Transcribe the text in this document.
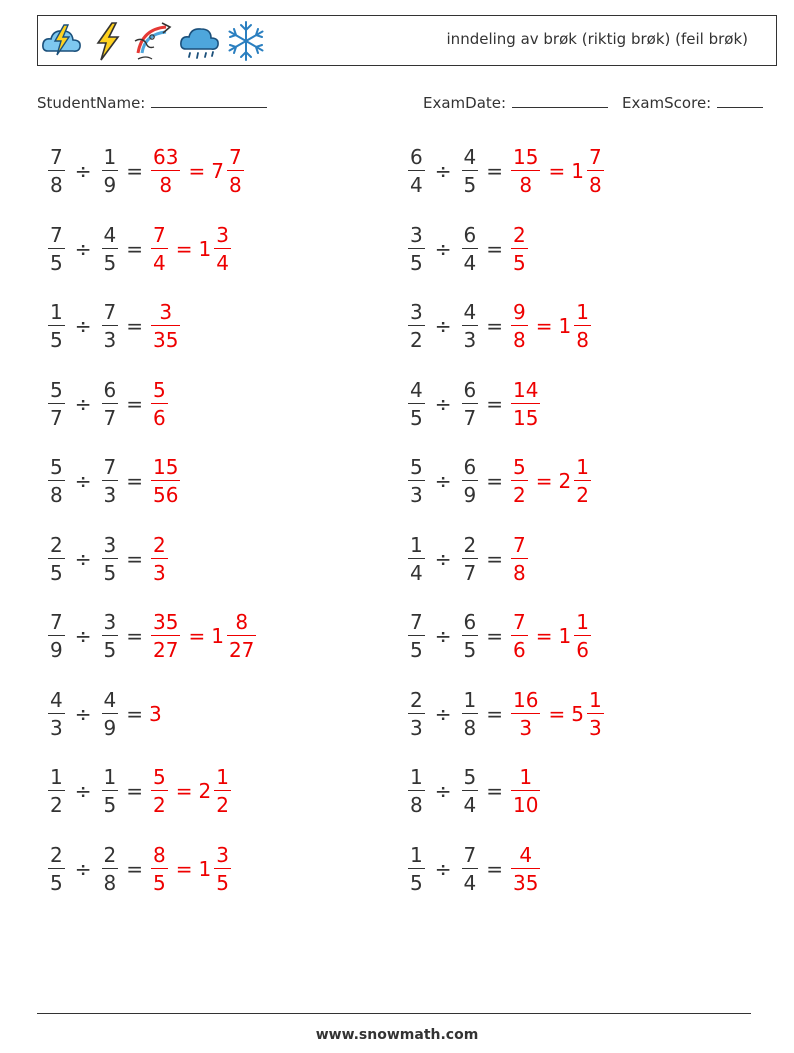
inndeling av brøk (riktig brøk) (feil brøk)
StudentName:	ExamDate:	ExamScore:
$\frac{7}{8} \div \frac{1}{9} = \frac{63}{8} = 7 \frac{7}{8}$	$\frac{6}{4} \div \frac{4}{5} = \frac{15}{8} = 1 \frac{7}{8}$
$\frac{7}{5} \div \frac{4}{5} = \frac{7}{4} = 1 \frac{3}{4}$	$\frac{3}{5} \div \frac{6}{4} = \frac{2}{5}$
$\frac{1}{5} \div \frac{7}{3} = \frac{3}{35}$	$\frac{3}{2} \div \frac{4}{3} = \frac{9}{8} = 1 \frac{1}{8}$
$\frac{5}{7} \div \frac{6}{7} = \frac{5}{6}$	$\frac{4}{5} \div \frac{6}{7} = \frac{14}{15}$
$\frac{5}{8} \div \frac{7}{3} = \frac{15}{56}$	$\frac{5}{3} \div \frac{6}{9} = \frac{5}{2} = 2 \frac{1}{2}$
$\frac{2}{5} \div \frac{3}{5} = \frac{2}{3}$	$\frac{1}{4} \div \frac{2}{7} = \frac{7}{8}$
$\frac{7}{9} \div \frac{3}{5} = \frac{35}{27} = 1 \frac{8}{27}$	$\frac{7}{5} \div \frac{6}{5} = \frac{7}{6} = 1 \frac{1}{6}$
$\frac{4}{3} \div \frac{4}{9} = 3$	$\frac{2}{3} \div \frac{1}{8} = \frac{16}{3} = 5 \frac{1}{3}$
$\frac{1}{2} \div \frac{1}{5} = \frac{5}{2} = 2 \frac{1}{2}$	$\frac{1}{8} \div \frac{5}{4} = \frac{1}{10}$
$\frac{2}{5} \div \frac{2}{8} = \frac{8}{5} = 1 \frac{3}{5}$	$\frac{1}{5} \div \frac{7}{4} = \frac{4}{35}$
www.snowmath.com
